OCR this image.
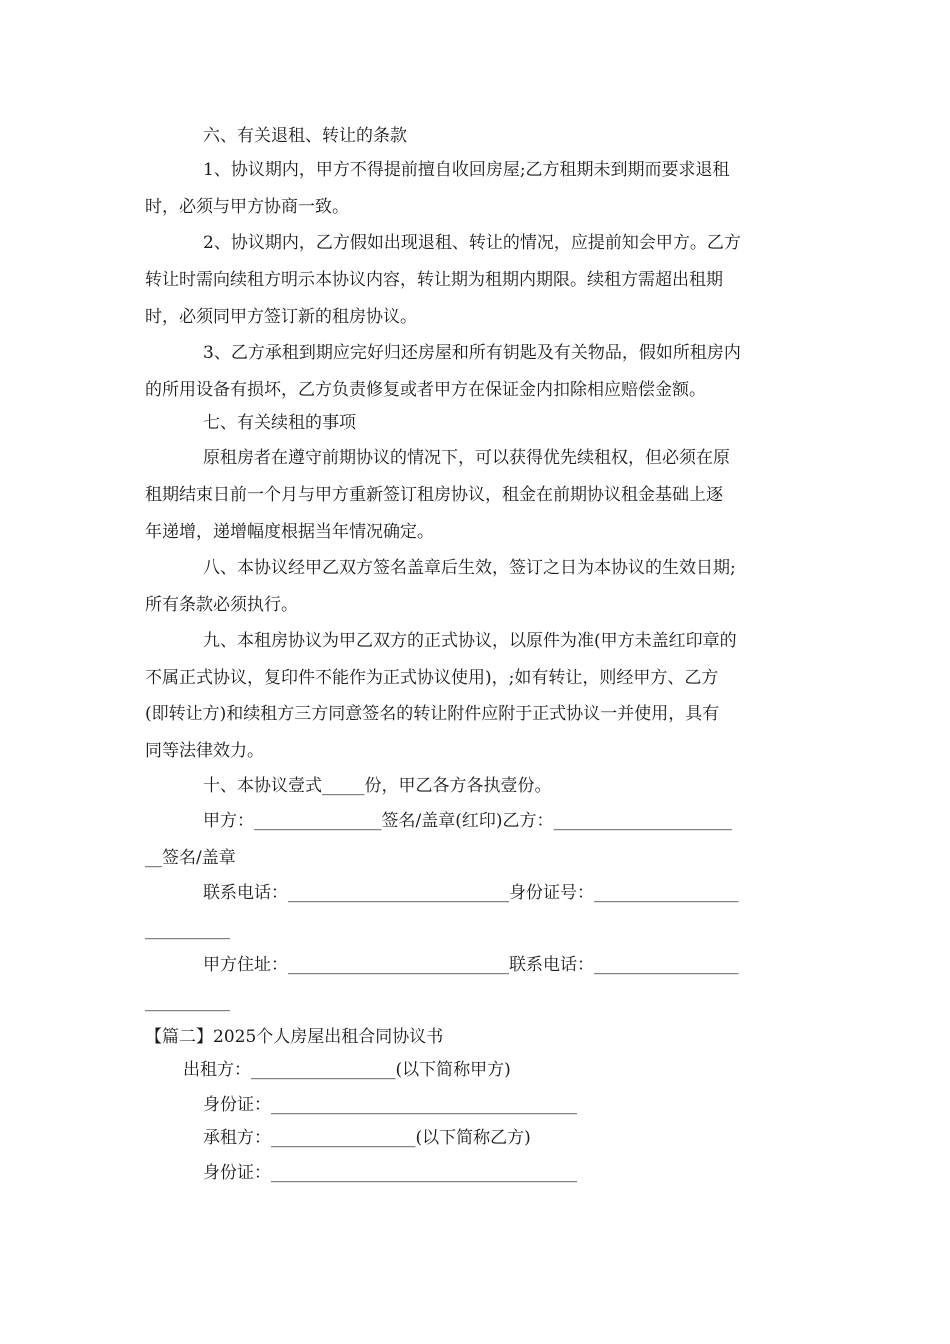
六、有关退租、转让的条款
1、协议期内，甲方不得提前擅自收回房屋;乙方租期未到期而要求退租
时，必须与甲方协商一致。
2、协议期内，乙方假如出现退租、转让的情况，应提前知会甲方。乙方
转让时需向续租方明示本协议内容，转让期为租期内期限。续租方需超出租期
时，必须同甲方签订新的租房协议。
3、乙方承租到期应完好归还房屋和所有钥匙及有关物品，假如所租房内
的所用设备有损坏，乙方负责修复或者甲方在保证金内扣除相应赔偿金额。
七、有关续租的事项
原租房者在遵守前期协议的情况下，可以获得优先续租权，但必须在原
租期结束日前一个月与甲方重新签订租房协议，租金在前期协议租金基础上逐
年递增，递增幅度根据当年情况确定。
八、本协议经甲乙双方签名盖章后生效，签订之日为本协议的生效日期;
所有条款必须执行。
九、本租房协议为甲乙双方的正式协议，以原件为准(甲方未盖红印章的
不属正式协议，复印件不能作为正式协议使用)，;如有转让，则经甲方、乙方
(即转让方)和续租方三方同意签名的转让附件应附于正式协议一并使用，具有
同等法律效力。
十、本协议壹式_____份，甲乙各方各执壹份。
甲方：_______________签名/盖章(红印)乙方：_____________________
__签名/盖章
联系电话：__________________________身份证号：_________________
__________
甲方住址：__________________________联系电话：_________________
__________
【篇二】2025个人房屋出租合同协议书
出租方：_________________(以下简称甲方)
身份证：____________________________________
承租方：_________________(以下简称乙方)
身份证：____________________________________
